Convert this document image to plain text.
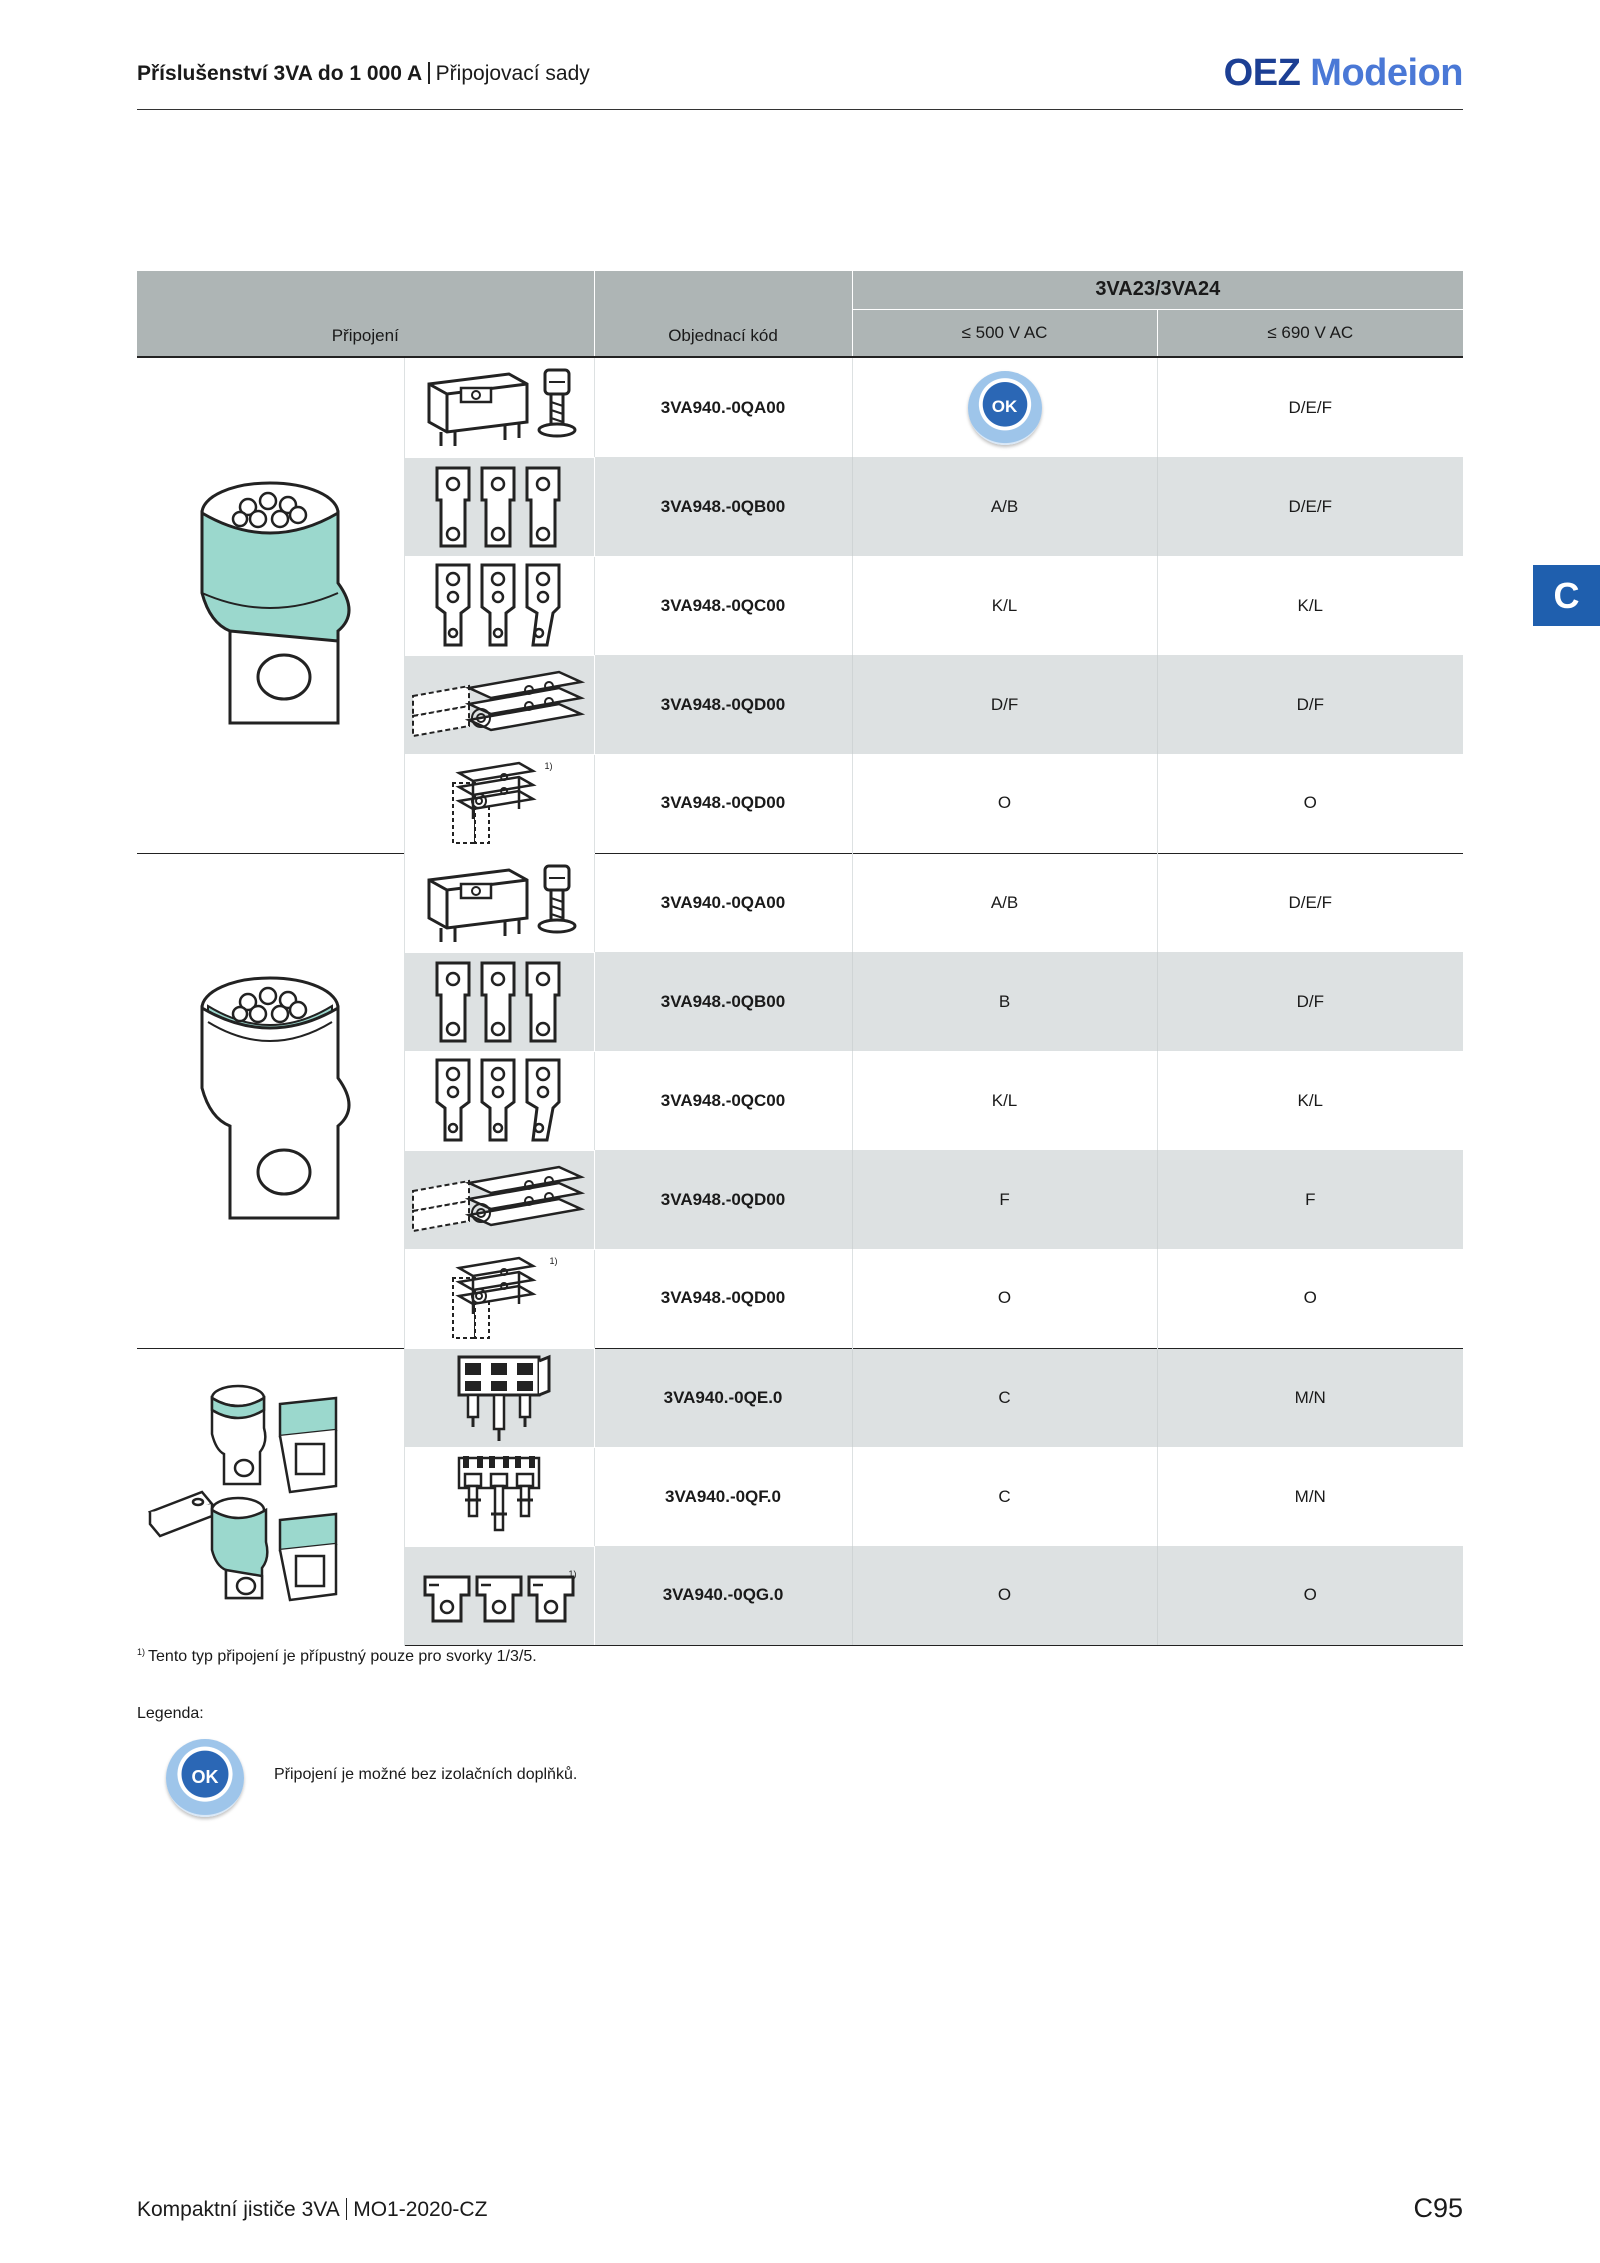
Příslušenství 3VA do 1 000 A Připojovací sady	OEZ Modeion
C
Připojení		Objednací kód	3VA23/3VA24	
			≤ 500 V AC	≤ 690 V AC

	3VA940.-0QA00	OK	D/E/F

	3VA948.-0QB00	A/B	D/E/F

	3VA948.-0QC00	K/L	K/L

	3VA948.-0QD00	D/F	D/F

	1)	3VA948.-0QD00	O	O

	3VA940.-0QA00	A/B	D/E/F

	3VA948.-0QB00	B	D/F

	3VA948.-0QC00	K/L	K/L

	3VA948.-0QD00	F	F

	1)	3VA948.-0QD00	O	O

	3VA940.-0QE.0	C	M/N

	3VA940.-0QF.0	C	M/N

	1)	3VA940.-0QG.0	O	O
$^{1)}$ Tento typ připojení je přípustný pouze pro svorky 1/3/5.
Legenda:
OK	Připojení je možné bez izolačních doplňků.
Kompaktní jističe 3VA MO1-2020-CZ	C95
